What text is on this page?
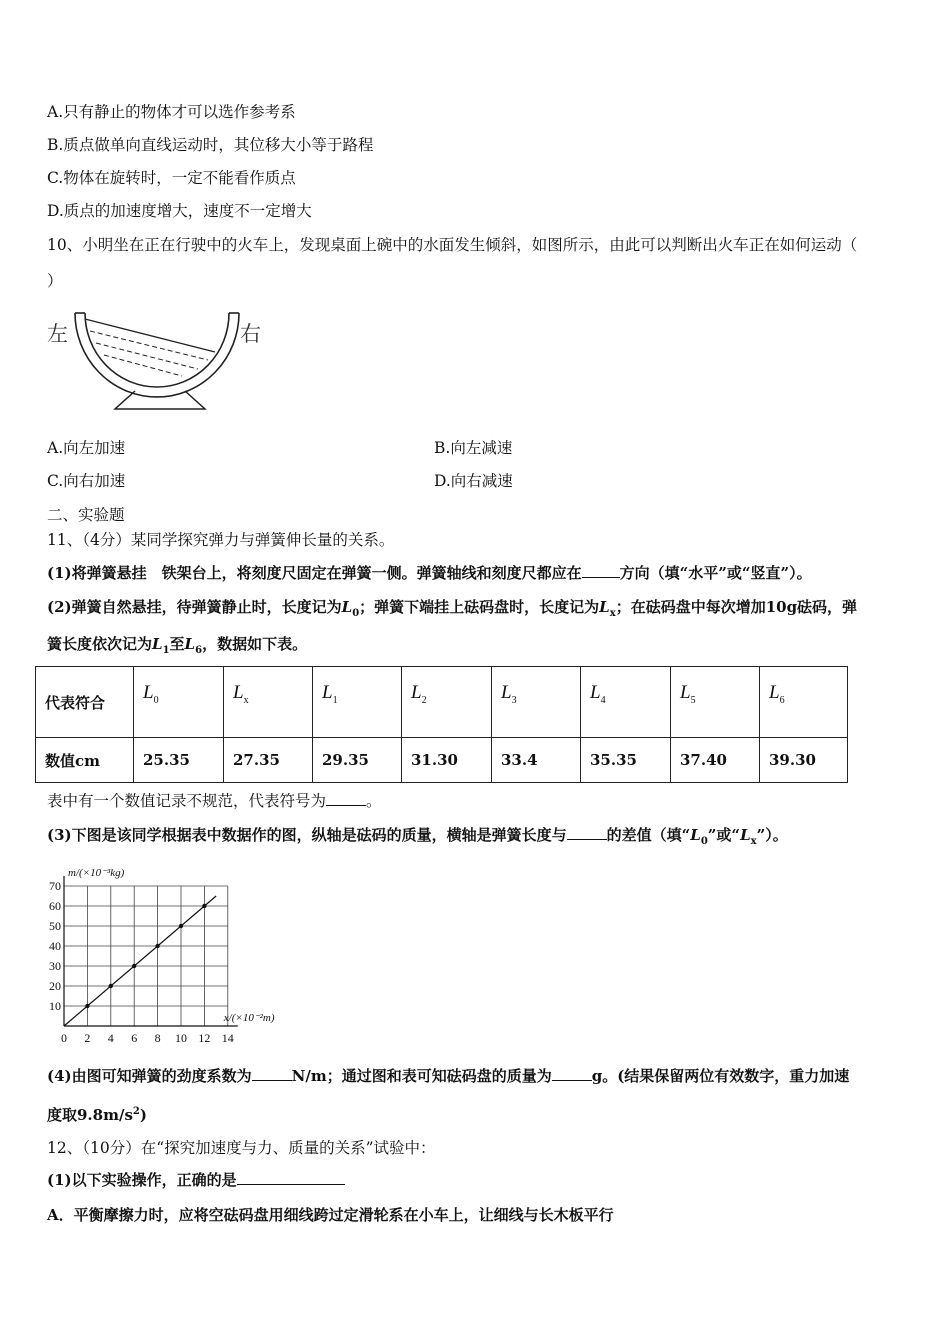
A.只有静止的物体才可以选作参考系
B.质点做单向直线运动时，其位移大小等于路程
C.物体在旋转时，一定不能看作质点
D.质点的加速度增大，速度不一定增大
10、小明坐在正在行驶中的火车上，发现桌面上碗中的水面发生倾斜，如图所示，由此可以判断出火车正在如何运动（
）
左	右
A.向左加速	B.向左减速
C.向右加速	D.向右减速
二、实验题
11、（4分）某同学探究弹力与弹簧伸长量的关系。
(1)将弹簧悬挂　铁架台上，将刻度尺固定在弹簧一侧。弹簧轴线和刻度尺都应在	方向（填“水平”或“竖直”）。
(2)弹簧自然悬挂，待弹簧静止时，长度记为$L_0$；弹簧下端挂上砝码盘时，长度记为$L_x$；在砝码盘中每次增加10g砝码，弹
簧长度依次记为$L_1$至$L_6$，数据如下表。
代表符合	$L_0$	$L_x$	$L_1$	$L_2$	$L_3$	$L_4$	$L_5$	$L_6$
数值cm	25.35	27.35	29.35	31.30	33.4	35.35	37.40	39.30
表中有一个数值记录不规范，代表符号为	。
(3)下图是该同学根据表中数据作的图，纵轴是砝码的质量，横轴是弹簧长度与	的差值（填“$L_0$”或“$L_x$”）。
m/(×10⁻³kg)
x/(×10⁻²m)
0 2 4 6 8 10 12 14
10
20
30
40
50
60
70
(4)由图可知弹簧的劲度系数为	N/m；通过图和表可知砝码盘的质量为	g。(结果保留两位有效数字，重力加速
度取$9.8m/s^2$)
12、（10分）在“探究加速度与力、质量的关系”试验中：
(1)以下实验操作，正确的是
A．平衡摩擦力时，应将空砝码盘用细线跨过定滑轮系在小车上，让细线与长木板平行
